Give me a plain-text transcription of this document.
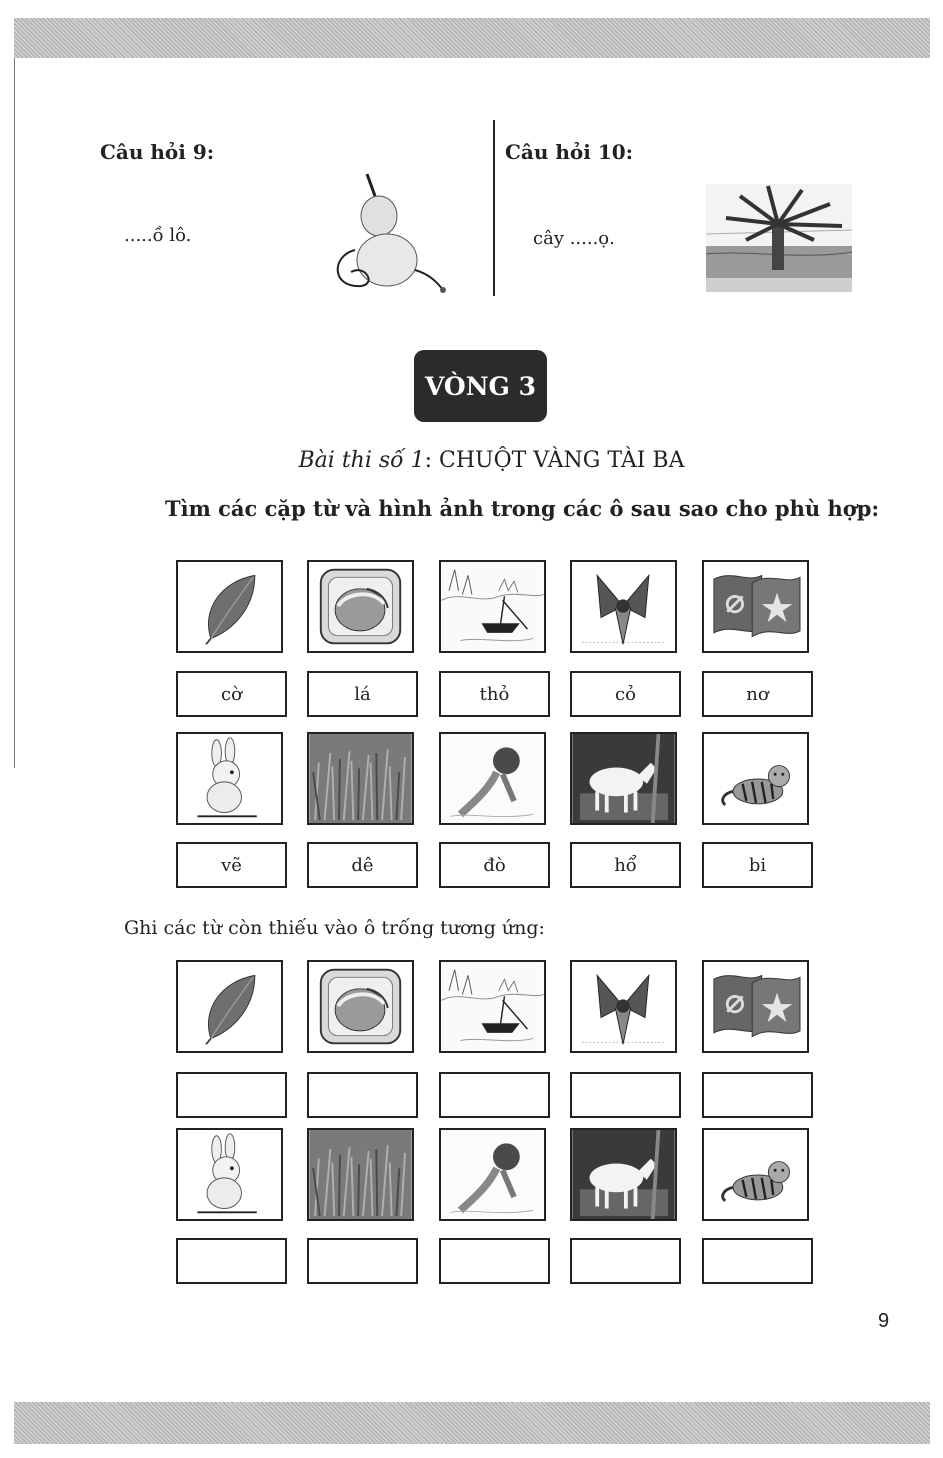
Câu hỏi 9:
.....ồ lô.
Câu hỏi 10:
cây .....ọ.
VÒNG 3
Bài thi số 1: CHUỘT VÀNG TÀI BA
Tìm các cặp từ và hình ảnh trong các ô sau sao cho phù hợp:
cờ	lá	thỏ	cỏ	nơ
vẽ	dê	đò	hổ	bi
Ghi các từ còn thiếu vào ô trống tương ứng:
9
